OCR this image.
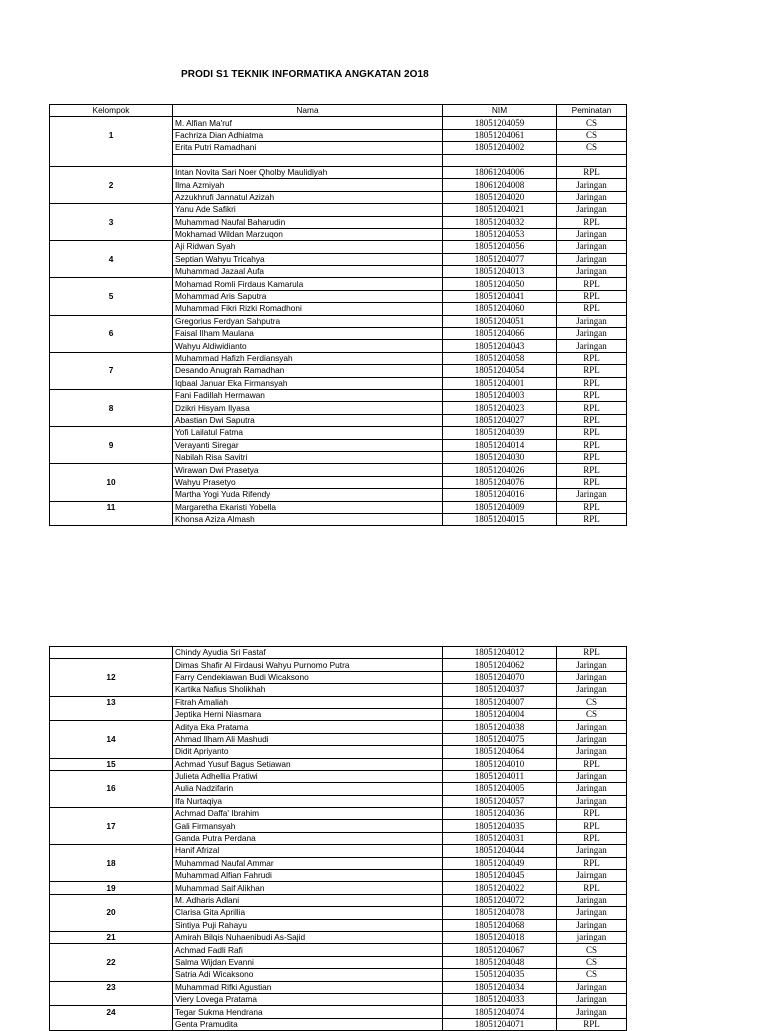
PRODI S1 TEKNIK INFORMATIKA ANGKATAN 2O18
Kelompok	Nama	NIM	Peminatan
	M. Alfian Ma'ruf	18051204059	CS
1	Fachriza Dian Adhiatma	18051204061	CS
	Erita Putri Ramadhani	18051204002	CS

	Intan Novita Sari Noer Qholby Maulidiyah	18061204006	RPL
2	Ilma Azmiyah	18061204008	Jaringan
	Azzukhrufi Jannatul Azizah	18051204020	Jaringan
	Yanu Ade Safikri	18051204021	Jaringan
3	Muhammad Naufal Baharudin	18051204032	RPL
	Mokhamad Wildan Marzuqon	18051204053	Jaringan
	Aji Ridwan Syah	18051204056	Jaringan
4	Septian Wahyu Tricahya	18051204077	Jaringan
	Muhammad Jazaal Aufa	18051204013	Jaringan
	Mohamad Romli Firdaus Kamarula	18051204050	RPL
5	Mohammad Aris Saputra	18051204041	RPL
	Muhammad Fikri Rizki Romadhoni	18051204060	RPL
	Gregorius Ferdyan Sahputra	18051204051	Jaringan
6	Faisal Ilham Maulana	18051204066	Jaringan
	Wahyu Aldiwidianto	18051204043	Jaringan
	Muhammad Hafizh Ferdiansyah	18051204058	RPL
7	Desando Anugrah Ramadhan	18051204054	RPL
	Iqbaal Januar Eka Firmansyah	18051204001	RPL
	Fani Fadillah Hermawan	18051204003	RPL
8	Dzikri Hisyam Ilyasa	18051204023	RPL
	Abastian Dwi Saputra	18051204027	RPL
	Yofi Lailatul Fatma	18051204039	RPL
9	Verayanti Siregar	18051204014	RPL
	Nabilah Risa Savitri	18051204030	RPL
	Wirawan Dwi Prasetya	18051204026	RPL
10	Wahyu Prasetyo	18051204076	RPL
	Martha Yogi Yuda Rifendy	18051204016	Jaringan
11	Margaretha Ekaristi Yobella	18051204009	RPL
	Khonsa Aziza Almash	18051204015	RPL
	Chindy Ayudia Sri Fastaf	18051204012	RPL
	Dimas Shafir Al Firdausi Wahyu Purnomo Putra	18051204062	Jaringan
12	Farry Cendekiawan Budi Wicaksono	18051204070	Jaringan
	Kartika Nafius Sholikhah	18051204037	Jaringan
13	Fitrah Amaliah	18051204007	CS
	Jeptika Herni Niasmara	18051204004	CS
	Aditya Eka Pratama	18051204038	Jaringan
14	Ahmad Ilham Ali Mashudi	18051204075	Jaringan
	Didit Apriyanto	18051204064	Jaringan
15	Achmad Yusuf Bagus Setiawan	18051204010	RPL
	Julieta Adhellia Pratiwi	18051204011	Jaringan
16	Aulia Nadzifarin	18051204005	Jaringan
	Ifa Nurtaqiya	18051204057	Jaringan
	Achmad Daffa' Ibrahim	18051204036	RPL
17	Gali Firmansyah	18051204035	RPL
	Ganda Putra Perdana	18051204031	RPL
	Hanif Afrizal	18051204044	Jaringan
18	Muhammad Naufal Ammar	18051204049	RPL
	Muhammad Alfian Fahrudi	18051204045	Jairngan
19	Muhammad Saif Alikhan	18051204022	RPL
	M. Adharis Adlani	18051204072	Jaringan
20	Clarisa Gita Aprillia	18051204078	Jaringan
	Sintiya Puji Rahayu	18051204068	Jaringan
21	Amirah Bilqis Nuhaenibudi As-Sajid	18051204018	jaringan
	Achmad Fadli Rafi	18051204067	CS
22	Salma Wijdan Evanni	18051204048	CS
	Satria Adi Wicaksono	15051204035	CS
23	Muhammad Rifki Agustian	18051204034	Jaringan
	Viery Lovega Pratama	18051204033	Jaringan
24	Tegar Sukma Hendrana	18051204074	Jaringan
	Genta Pramudita	18051204071	RPL
